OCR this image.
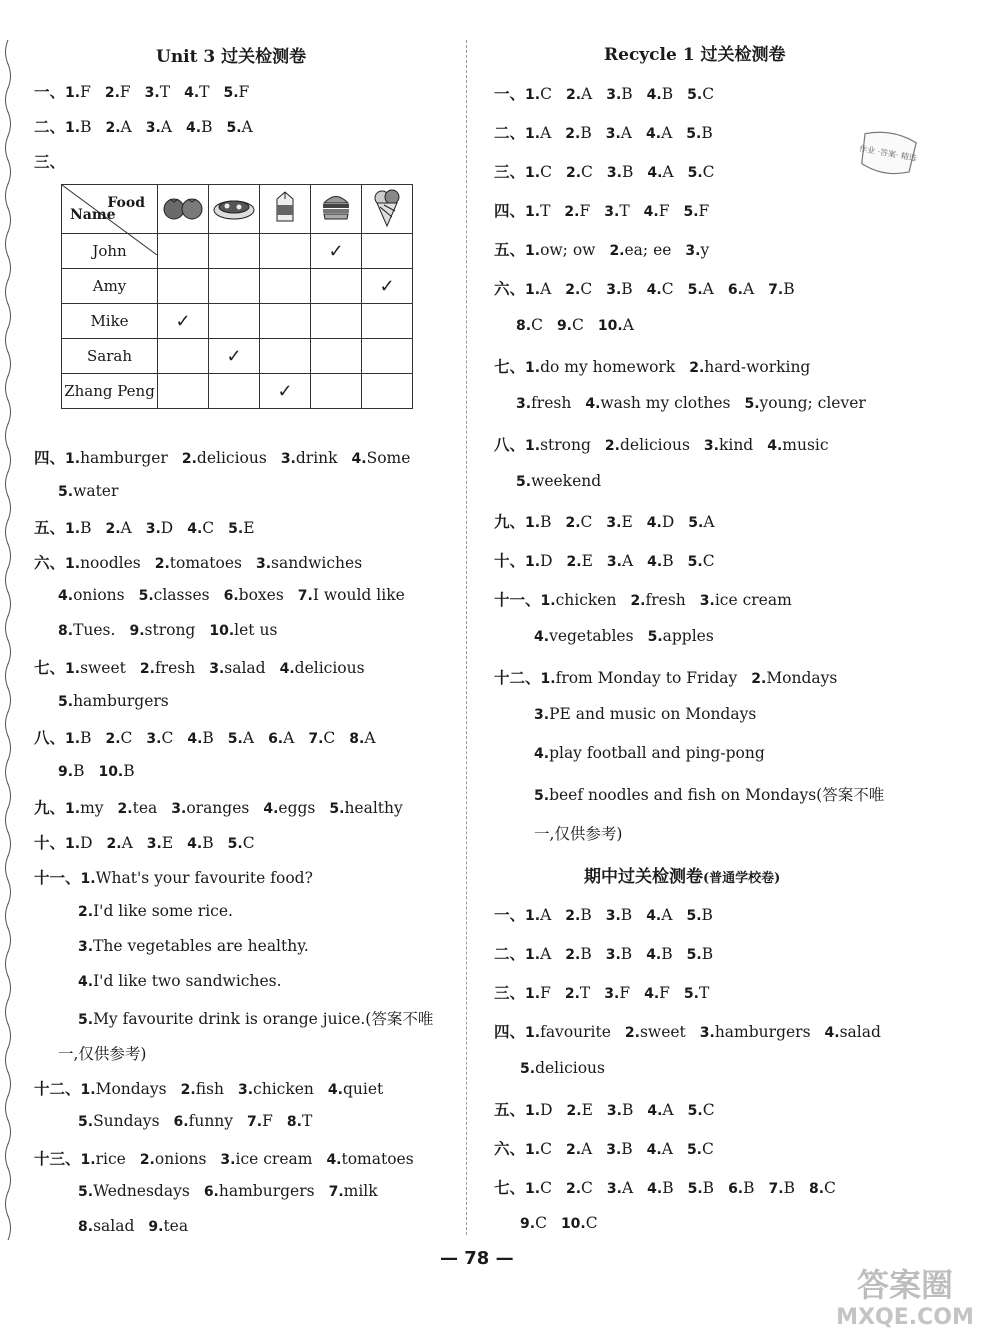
Unit 3 过关检测卷
一、1.F 2.F 3.T 4.T 5.F
二、1.B 2.A 3.A 4.B 5.A
三、
Food
Name

John				✓	
Amy					✓
Mike	✓				
Sarah		✓			
Zhang Peng			✓		
四、1.hamburger 2.delicious 3.drink 4.Some
5.water
五、1.B 2.A 3.D 4.C 5.E
六、1.noodles 2.tomatoes 3.sandwiches
4.onions 5.classes 6.boxes 7.I would like
8.Tues. 9.strong 10.let us
七、1.sweet 2.fresh 3.salad 4.delicious
5.hamburgers
八、1.B 2.C 3.C 4.B 5.A 6.A 7.C 8.A
9.B 10.B
九、1.my 2.tea 3.oranges 4.eggs 5.healthy
十、1.D 2.A 3.E 4.B 5.C
十一、1.What's your favourite food?
2.I'd like some rice.
3.The vegetables are healthy.
4.I'd like two sandwiches.
5.My favourite drink is orange juice.(答案不唯
一,仅供参考)
十二、1.Mondays 2.fish 3.chicken 4.quiet
5.Sundays 6.funny 7.F 8.T
十三、1.rice 2.onions 3.ice cream 4.tomatoes
5.Wednesdays 6.hamburgers 7.milk
8.salad 9.tea
Recycle 1 过关检测卷
一、1.C 2.A 3.B 4.B 5.C
二、1.A 2.B 3.A 4.A 5.B
三、1.C 2.C 3.B 4.A 5.C
四、1.T 2.F 3.T 4.F 5.F
五、1.ow; ow 2.ea; ee 3.y
六、1.A 2.C 3.B 4.C 5.A 6.A 7.B
8.C 9.C 10.A
七、1.do my homework 2.hard-working
3.fresh 4.wash my clothes 5.young; clever
八、1.strong 2.delicious 3.kind 4.music
5.weekend
九、1.B 2.C 3.E 4.D 5.A
十、1.D 2.E 3.A 4.B 5.C
十一、1.chicken 2.fresh 3.ice cream
4.vegetables 5.apples
十二、1.from Monday to Friday 2.Mondays
3.PE and music on Mondays
4.play football and ping-pong
5.beef noodles and fish on Mondays(答案不唯
一,仅供参考)
期中过关检测卷(普通学校卷)
一、1.A 2.B 3.B 4.A 5.B
二、1.A 2.B 3.B 4.B 5.B
三、1.F 2.T 3.F 4.F 5.T
四、1.favourite 2.sweet 3.hamburgers 4.salad
5.delicious
五、1.D 2.E 3.B 4.A 5.C
六、1.C 2.A 3.B 4.A 5.C
七、1.C 2.C 3.A 4.B 5.B 6.B 7.B 8.C
9.C 10.C
作业 ·答案· 精选
— 78 —
答案圈
MXQE.COM
